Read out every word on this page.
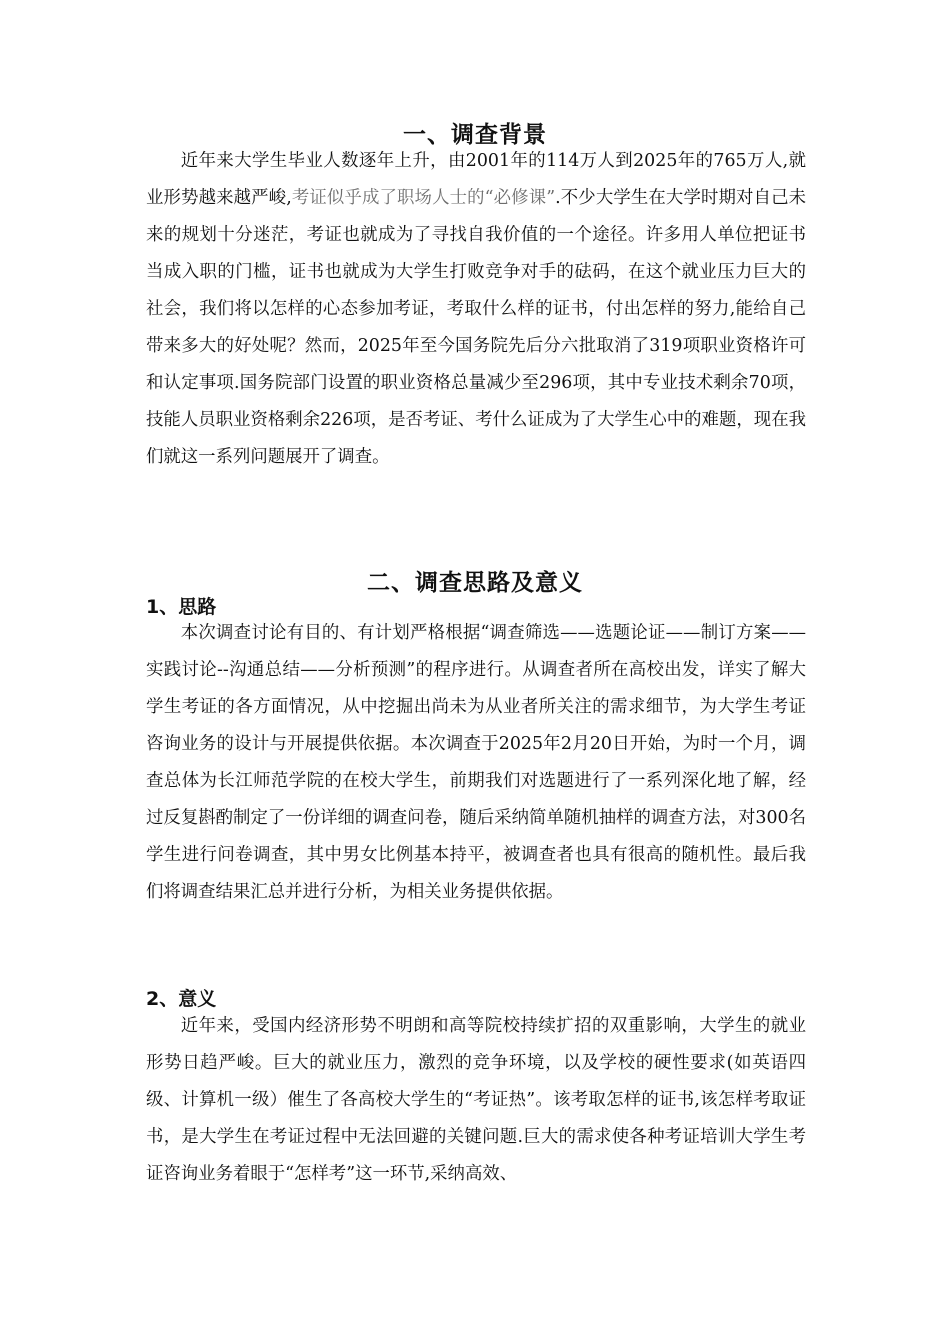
一、调查背景

近年来大学生毕业人数逐年上升，由2001年的114万人到2025年的765万人,就业形势越来越严峻,考证似乎成了职场人士的“必修课”.不少大学生在大学时期对自己未来的规划十分迷茫，考证也就成为了寻找自我价值的一个途径。许多用人单位把证书当成入职的门槛，证书也就成为大学生打败竞争对手的砝码，在这个就业压力巨大的社会，我们将以怎样的心态参加考证，考取什么样的证书，付出怎样的努力,能给自己带来多大的好处呢？然而，2025年至今国务院先后分六批取消了319项职业资格许可和认定事项.国务院部门设置的职业资格总量减少至296项，其中专业技术剩余70项，技能人员职业资格剩余226项，是否考证、考什么证成为了大学生心中的难题，现在我们就这一系列问题展开了调查。

二、调查思路及意义
1、思路

本次调查讨论有目的、有计划严格根据“调查筛选——选题论证——制订方案——实践讨论--沟通总结——分析预测”的程序进行。从调查者所在高校出发，详实了解大学生考证的各方面情况，从中挖掘出尚未为从业者所关注的需求细节，为大学生考证咨询业务的设计与开展提供依据。本次调查于2025年2月20日开始，为时一个月，调查总体为长江师范学院的在校大学生，前期我们对选题进行了一系列深化地了解，经过反复斟酌制定了一份详细的调查问卷，随后采纳简单随机抽样的调查方法，对300名学生进行问卷调查，其中男女比例基本持平，被调查者也具有很高的随机性。最后我们将调查结果汇总并进行分析，为相关业务提供依据。

2、意义

近年来，受国内经济形势不明朗和高等院校持续扩招的双重影响，大学生的就业形势日趋严峻。巨大的就业压力，激烈的竞争环境，以及学校的硬性要求(如英语四级、计算机一级）催生了各高校大学生的“考证热”。该考取怎样的证书,该怎样考取证书，是大学生在考证过程中无法回避的关键问题.巨大的需求使各种考证培训大学生考证咨询业务着眼于“怎样考”这一环节,采纳高效、
